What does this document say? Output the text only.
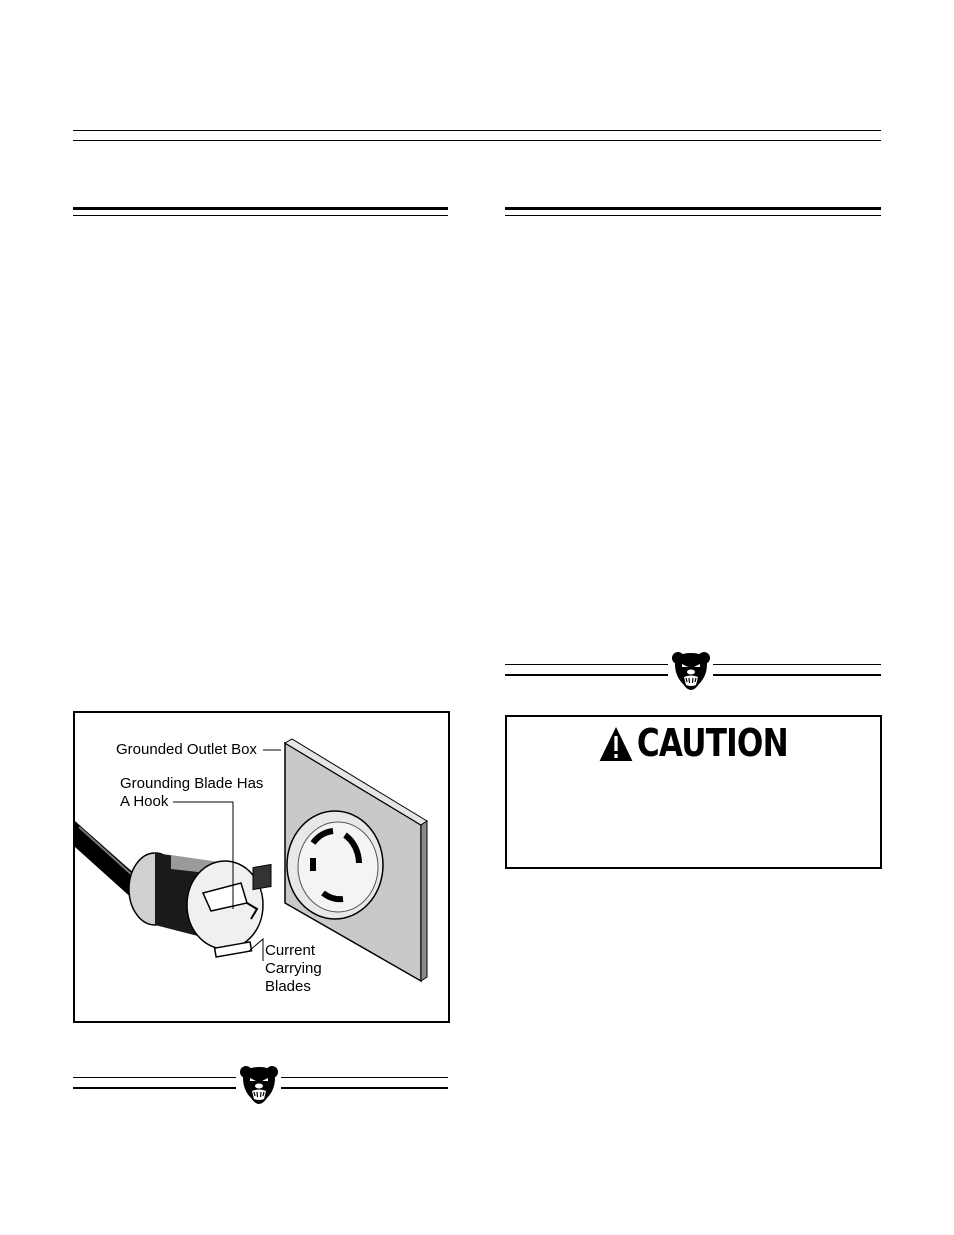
Grounded Outlet Box
Grounding Blade Has
A Hook
Current
Carrying
Blades
CAUTION
